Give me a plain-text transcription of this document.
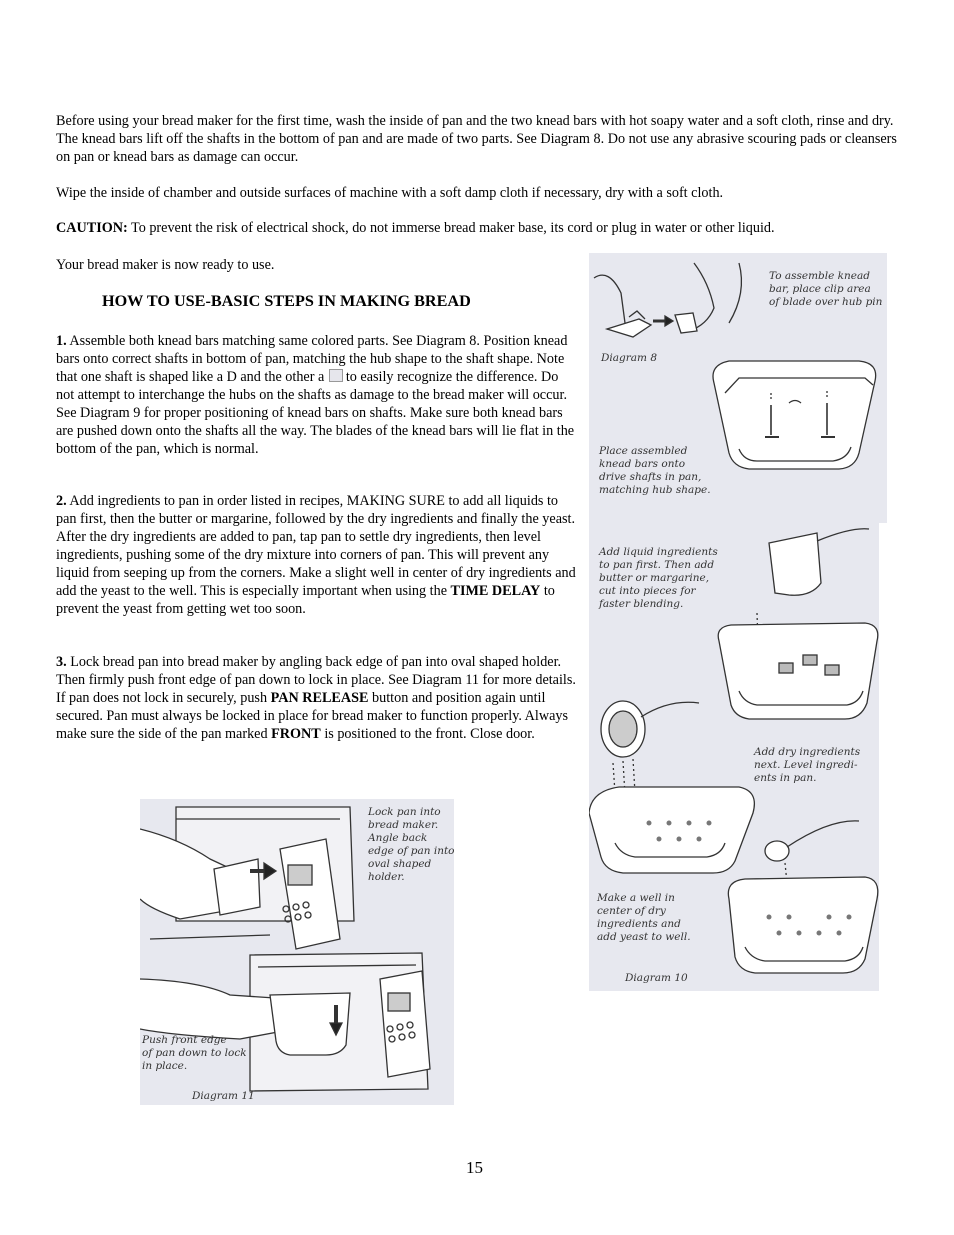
Before using your bread maker for the first time, wash the inside of pan and the two knead bars with hot soapy water and a soft cloth, rinse and dry. The knead bars lift off the shafts in the bottom of pan and are made of two parts. See Diagram 8. Do not use any abrasive scouring pads or cleansers on pan or knead bars as damage can occur.

Wipe the inside of chamber and outside surfaces of machine with a soft damp cloth if necessary, dry with a soft cloth.

CAUTION: To prevent the risk of electrical shock, do not immerse bread maker base, its cord or plug in water or other liquid.

Your bread maker is now ready to use.

HOW TO USE-BASIC STEPS IN MAKING BREAD

1. Assemble both knead bars matching same colored parts. See Diagram 8. Position knead bars onto correct shafts in bottom of pan, matching the hub shape to the shaft shape. Note that one shaft is shaped like a D and the other a to easily recognize the difference. Do not attempt to interchange the hubs on the shafts as damage to the bread maker will occur. See Diagram 9 for proper positioning of knead bars on shafts. Make sure both knead bars are pushed down onto the shafts all the way. The blades of the knead bars will lie flat in the bottom of the pan, which is normal.

2. Add ingredients to pan in order listed in recipes, MAKING SURE to add all liquids to pan first, then the butter or margarine, followed by the dry ingredients and finally the yeast. After the dry ingredients are added to pan, tap pan to settle dry ingredients, then level ingredients, pushing some of the dry mixture into corners of pan. This will prevent any liquid from seeping up from the corners. Make a slight well in center of dry ingredients and add the yeast to the well. This is especially important when using the TIME DELAY to prevent the yeast from getting wet too soon.

3. Lock bread pan into bread maker by angling back edge of pan into oval shaped holder. Then firmly push front edge of pan down to lock in place. See Diagram 11 for more details. If pan does not lock in securely, push PAN RELEASE button and position again until secured. Pan must always be locked in place for bread maker to function properly. Always make sure the side of the pan marked FRONT is positioned to the front. Close door.

To assemble knead
bar, place clip area
of blade over hub pin
Diagram 8
Place assembled
knead bars onto
drive shafts in pan,
matching hub shape.
Add liquid ingredients
to pan first. Then add
butter or margarine,
cut into pieces for
faster blending.
Add dry ingredients
next. Level ingredi-
ents in pan.
Make a well in
center of dry
ingredients and
add yeast to well.
Diagram 10
Lock pan into
bread maker.
Angle back
edge of pan into
oval shaped
holder.
Push front edge
of pan down to lock
in place.
Diagram 11
15
